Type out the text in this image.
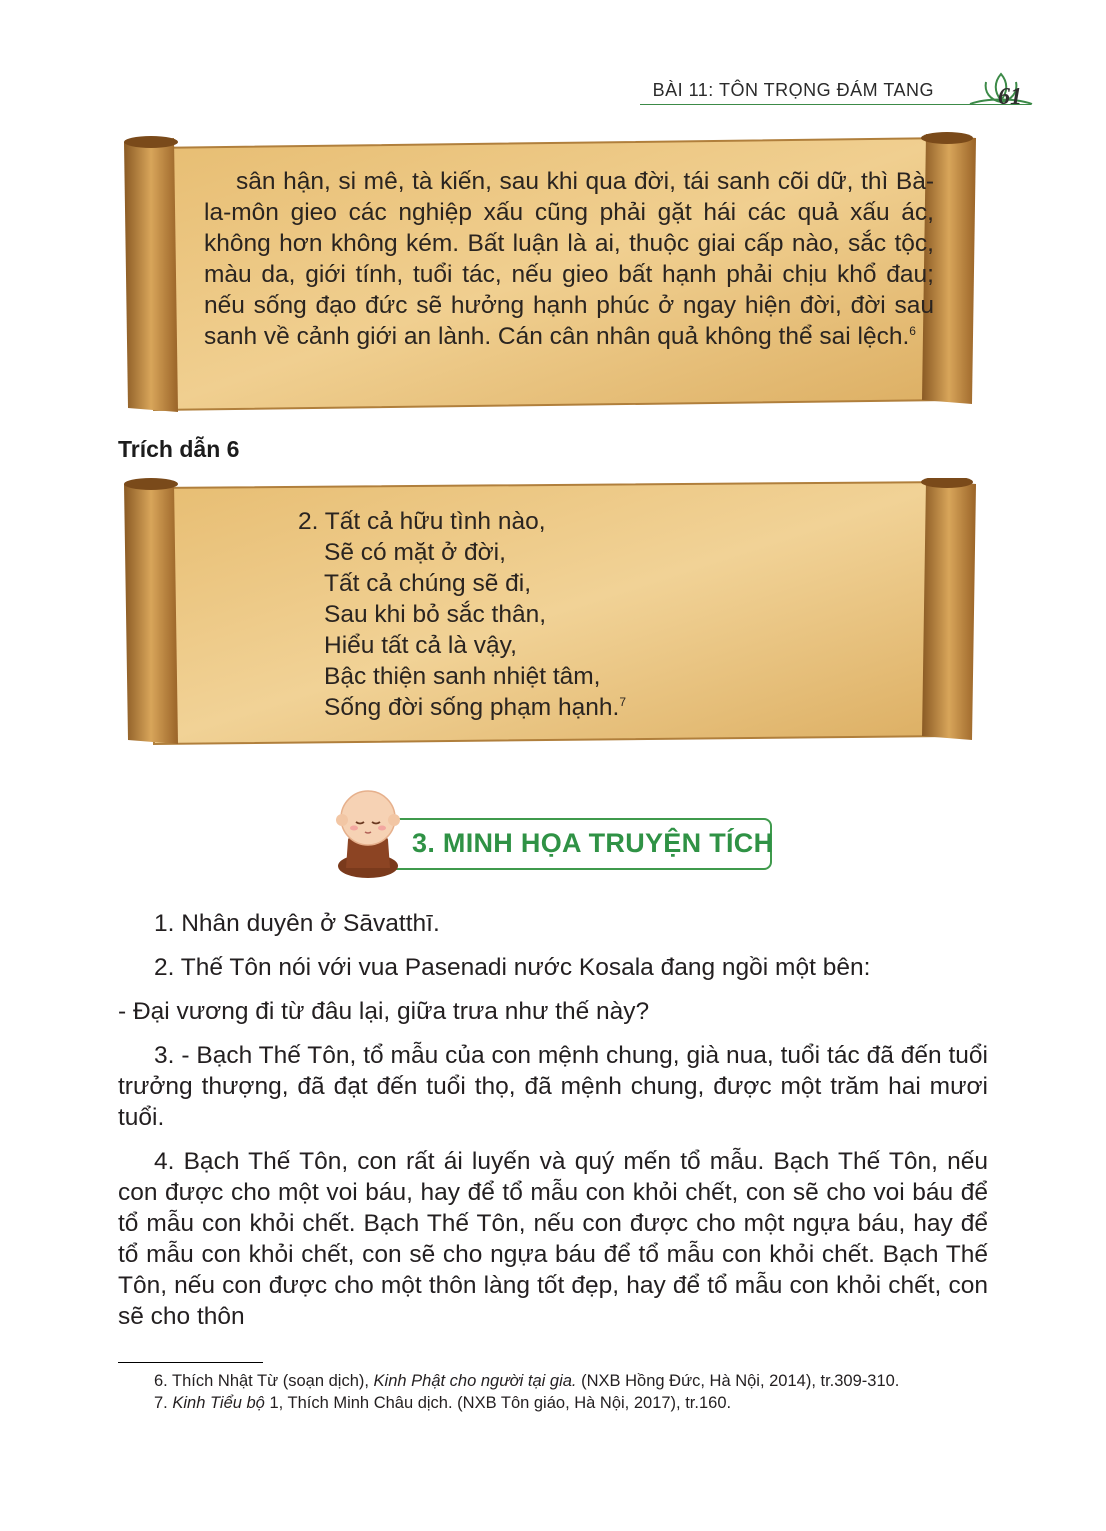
BÀI 11: TÔN TRỌNG ĐÁM TANG	61

sân hận, si mê, tà kiến, sau khi qua đời, tái sanh cõi dữ, thì Bà-la-môn gieo các nghiệp xấu cũng phải gặt hái các quả xấu ác, không hơn không kém. Bất luận là ai, thuộc giai cấp nào, sắc tộc, màu da, giới tính, tuổi tác, nếu gieo bất hạnh phải chịu khổ đau; nếu sống đạo đức sẽ hưởng hạnh phúc ở ngay hiện đời, đời sau sanh về cảnh giới an lành. Cán cân nhân quả không thể sai lệch.$^6$

Trích dẫn 6
2. Tất cả hữu tình nào,
Sẽ có mặt ở đời,
Tất cả chúng sẽ đi,
Sau khi bỏ sắc thân,
Hiểu tất cả là vậy,
Bậc thiện sanh nhiệt tâm,
Sống đời sống phạm hạnh.$^7$
3. MINH HỌA TRUYỆN TÍCH

1. Nhân duyên ở Sāvatthī.

2. Thế Tôn nói với vua Pasenadi nước Kosala đang ngồi một bên:

- Đại vương đi từ đâu lại, giữa trưa như thế này?

3. - Bạch Thế Tôn, tổ mẫu của con mệnh chung, già nua, tuổi tác đã đến tuổi trưởng thượng, đã đạt đến tuổi thọ, đã mệnh chung, được một trăm hai mươi tuổi.

4. Bạch Thế Tôn, con rất ái luyến và quý mến tổ mẫu. Bạch Thế Tôn, nếu con được cho một voi báu, hay để tổ mẫu con khỏi chết, con sẽ cho voi báu để tổ mẫu con khỏi chết. Bạch Thế Tôn, nếu con được cho một ngựa báu, hay để tổ mẫu con khỏi chết, con sẽ cho ngựa báu để tổ mẫu con khỏi chết. Bạch Thế Tôn, nếu con được cho một thôn làng tốt đẹp, hay để tổ mẫu con khỏi chết, con sẽ cho thôn

6. Thích Nhật Từ (soạn dịch), Kinh Phật cho người tại gia. (NXB Hồng Đức, Hà Nội, 2014), tr.309-310.

7. Kinh Tiểu bộ 1, Thích Minh Châu dịch. (NXB Tôn giáo, Hà Nội, 2017), tr.160.
